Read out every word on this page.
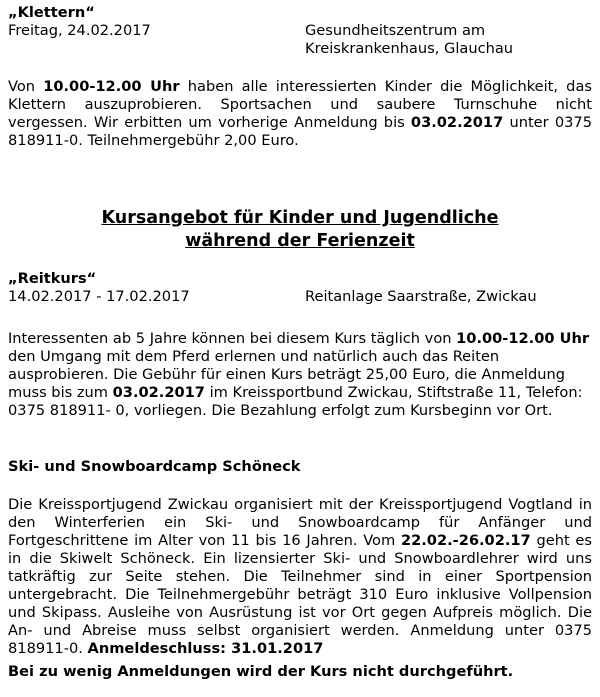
„Klettern“
Freitag, 24.02.2017	Gesundheitszentrum am
Kreiskrankenhaus, Glauchau
Von 10.00-12.00 Uhr haben alle interessierten Kinder die Möglichkeit, das Klettern auszuprobieren. Sportsachen und saubere Turnschuhe nicht vergessen. Wir erbitten um vorherige Anmeldung bis 03.02.2017 unter 0375 818911-0. Teilnehmergebühr 2,00 Euro.
Kursangebot für Kinder und Jugendliche
während der Ferienzeit
„Reitkurs“
14.02.2017 - 17.02.2017	Reitanlage Saarstraße, Zwickau
Interessenten ab 5 Jahre können bei diesem Kurs täglich von 10.00-12.00 Uhr den Umgang mit dem Pferd erlernen und natürlich auch das Reiten ausprobieren. Die Gebühr für einen Kurs beträgt 25,00 Euro, die Anmeldung muss bis zum 03.02.2017 im Kreissportbund Zwickau, Stiftstraße 11, Telefon: 0375 818911- 0, vorliegen. Die Bezahlung erfolgt zum Kursbeginn vor Ort.
Ski- und Snowboardcamp Schöneck
Die Kreissportjugend Zwickau organisiert mit der Kreissportjugend Vogtland in den Winterferien ein Ski- und Snowboardcamp für Anfänger und Fortgeschrittene im Alter von 11 bis 16 Jahren. Vom 22.02.-26.02.17 geht es in die Skiwelt Schöneck. Ein lizensierter Ski- und Snowboardlehrer wird uns tatkräftig zur Seite stehen. Die Teilnehmer sind in einer Sportpension untergebracht. Die Teilnehmergebühr beträgt 310 Euro inklusive Vollpension und Skipass. Ausleihe von Ausrüstung ist vor Ort gegen Aufpreis möglich. Die An- und Abreise muss selbst organisiert werden. Anmeldung unter 0375 818911-0. Anmeldeschluss: 31.01.2017
Bei zu wenig Anmeldungen wird der Kurs nicht durchgeführt.
